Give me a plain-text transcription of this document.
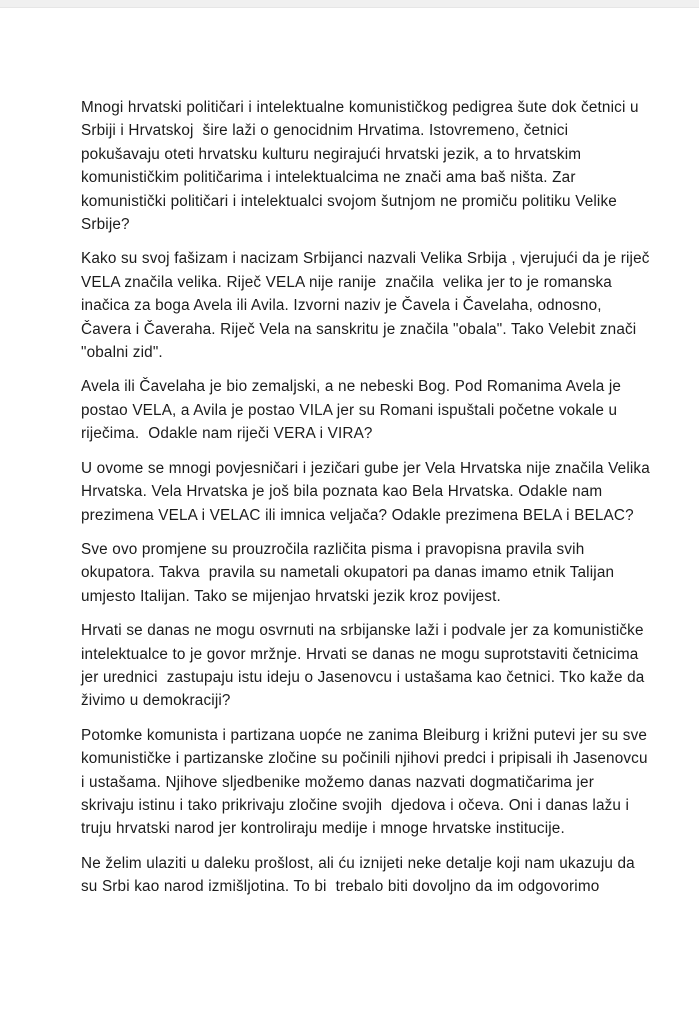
Mnogi hrvatski političari i intelektualne komunističkog pedigrea šute dok četnici u Srbiji i Hrvatskoj  šire laži o genocidnim Hrvatima. Istovremeno, četnici pokušavaju oteti hrvatsku kulturu negirajući hrvatski jezik, a to hrvatskim komunističkim političarima i intelektualcima ne znači ama baš ništa. Zar komunistički političari i intelektualci svojom šutnjom ne promiču politiku Velike Srbije?

Kako su svoj fašizam i nacizam Srbijanci nazvali Velika Srbija , vjerujući da je riječ VELA značila velika. Riječ VELA nije ranije  značila  velika jer to je romanska inačica za boga Avela ili Avila. Izvorni naziv je Čavela i Čavelaha, odnosno, Čavera i Čaveraha. Riječ Vela na sanskritu je značila "obala". Tako Velebit znači "obalni zid".

Avela ili Čavelaha je bio zemaljski, a ne nebeski Bog. Pod Romanima Avela je postao VELA, a Avila je postao VILA jer su Romani ispuštali početne vokale u riječima.  Odakle nam riječi VERA i VIRA?

U ovome se mnogi povjesničari i jezičari gube jer Vela Hrvatska nije značila Velika Hrvatska. Vela Hrvatska je još bila poznata kao Bela Hrvatska. Odakle nam prezimena VELA i VELAC ili imnica veljača? Odakle prezimena BELA i BELAC?

Sve ovo promjene su prouzročila različita pisma i pravopisna pravila svih okupatora. Takva  pravila su nametali okupatori pa danas imamo etnik Talijan umjesto Italijan. Tako se mijenjao hrvatski jezik kroz povijest.

Hrvati se danas ne mogu osvrnuti na srbijanske laži i podvale jer za komunističke intelektualce to je govor mržnje. Hrvati se danas ne mogu suprotstaviti četnicima jer urednici  zastupaju istu ideju o Jasenovcu i ustašama kao četnici. Tko kaže da živimo u demokraciji?

Potomke komunista i partizana uopće ne zanima Bleiburg i križni putevi jer su sve komunističke i partizanske zločine su počinili njihovi predci i pripisali ih Jasenovcu i ustašama. Njihove sljedbenike možemo danas nazvati dogmatičarima jer skrivaju istinu i tako prikrivaju zločine svojih  djedova i očeva. Oni i danas lažu i truju hrvatski narod jer kontroliraju medije i mnoge hrvatske institucije.

Ne želim ulaziti u daleku prošlost, ali ću iznijeti neke detalje koji nam ukazuju da su Srbi kao narod izmišljotina. To bi  trebalo biti dovoljno da im odgovorimo
